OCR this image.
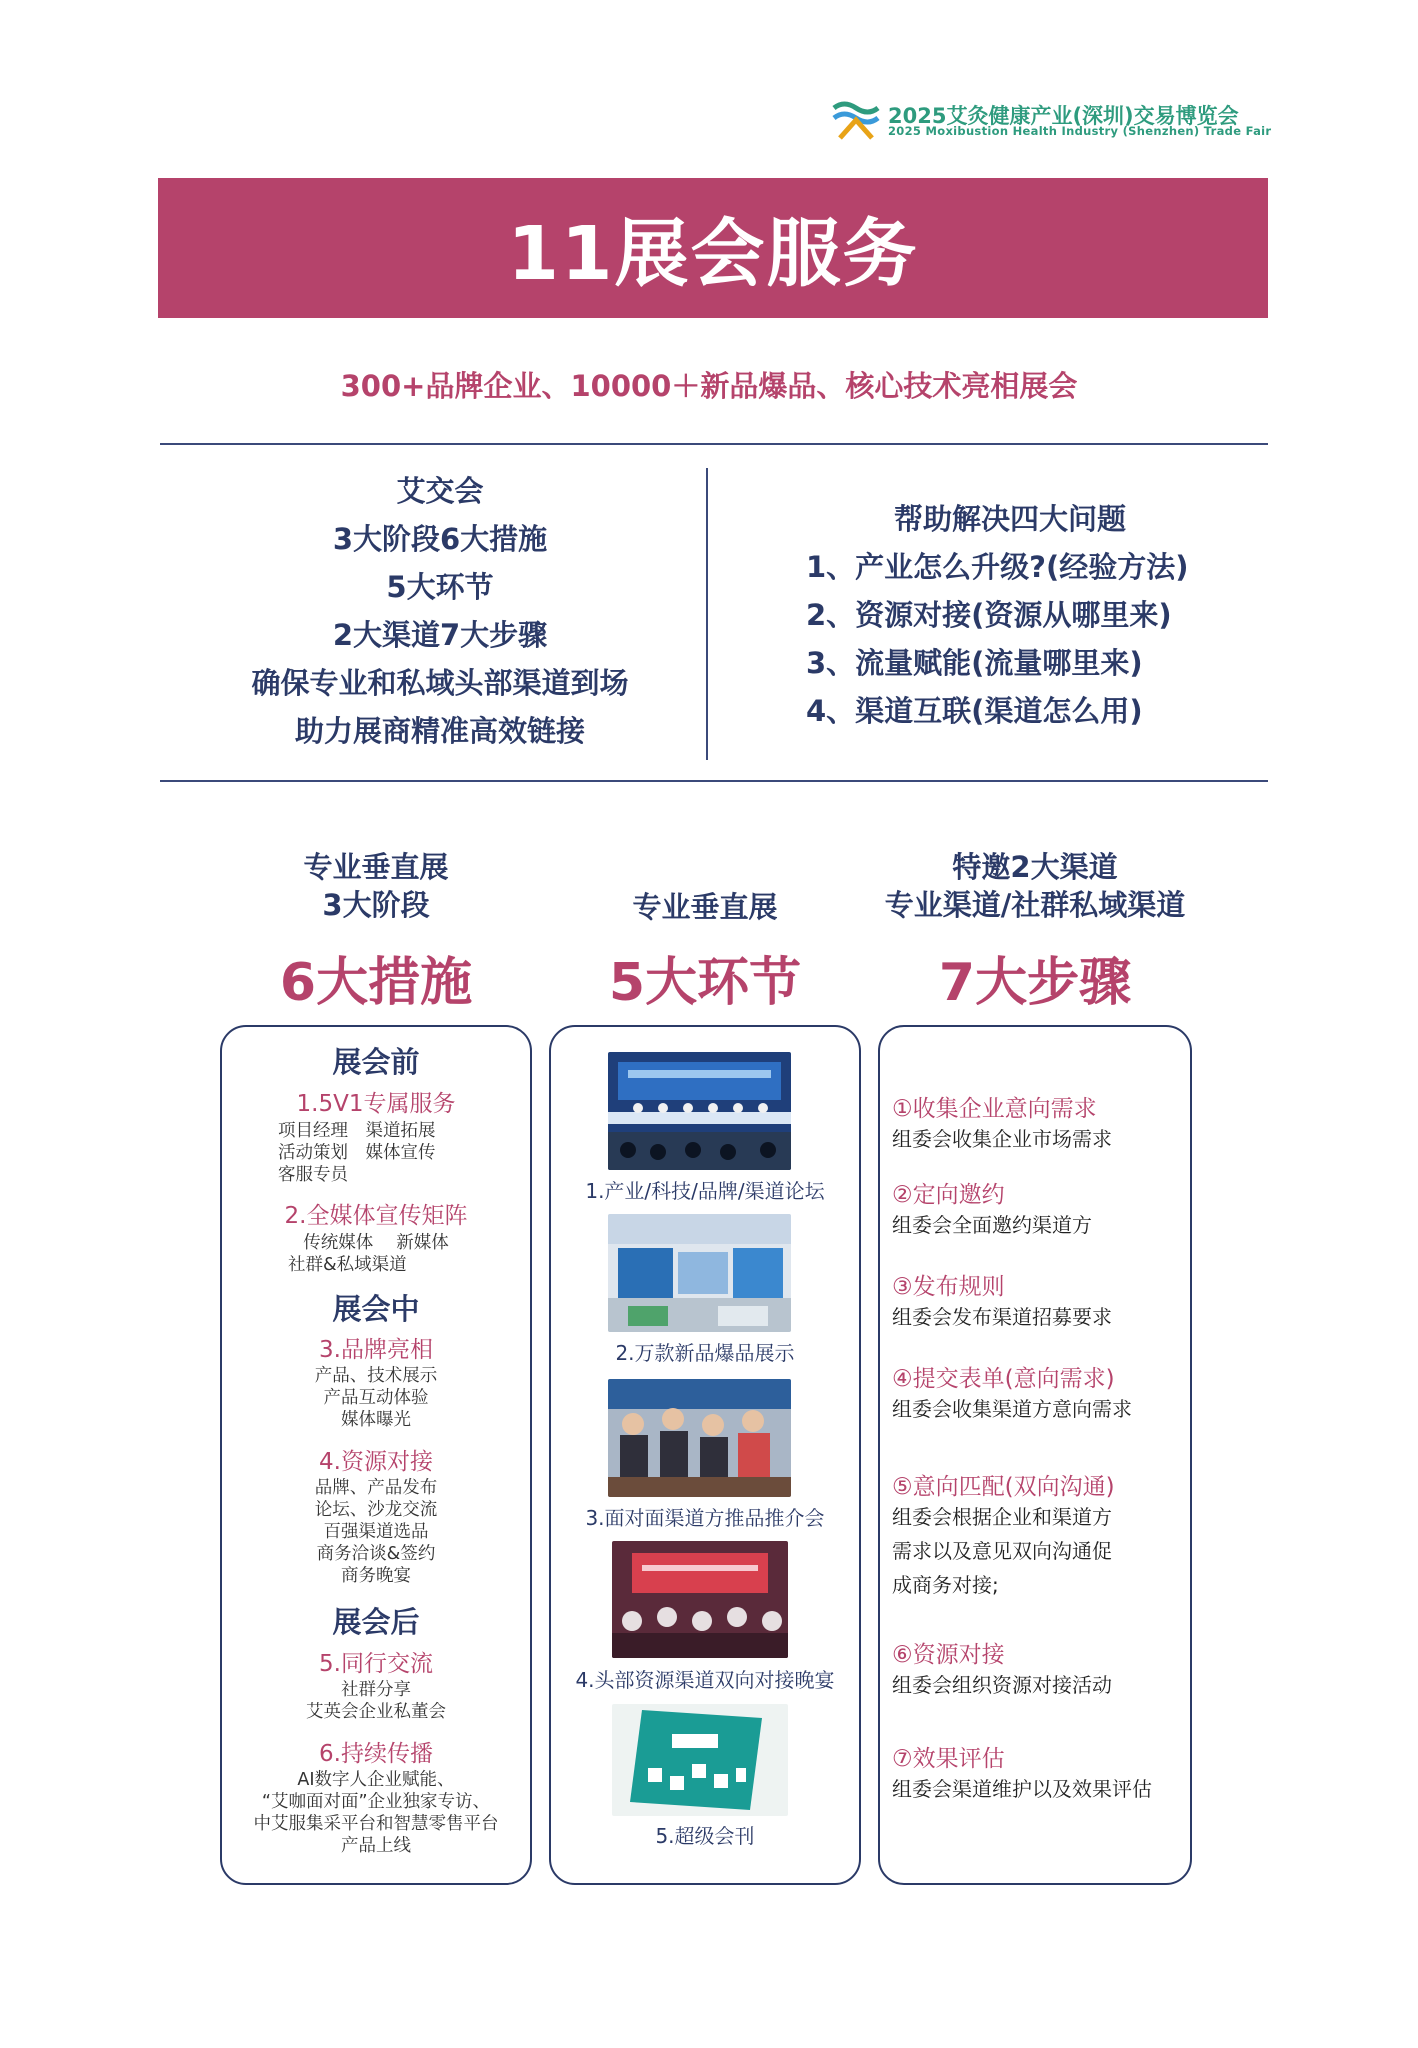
2025艾灸健康产业(深圳)交易博览会
2025 Moxibustion Health Industry (Shenzhen) Trade Fair
11展会服务
300+品牌企业、10000＋新品爆品、核心技术亮相展会
艾交会
3大阶段6大措施
5大环节
2大渠道7大步骤
确保专业和私域头部渠道到场
助力展商精准高效链接
帮助解决四大问题
1、产业怎么升级?(经验方法)
2、资源对接(资源从哪里来)
3、流量赋能(流量哪里来)
4、渠道互联(渠道怎么用)
专业垂直展
3大阶段
6大措施
专业垂直展
5大环节
特邀2大渠道
专业渠道/社群私域渠道
7大步骤
展会前
1.5V1专属服务
项目经理　渠道拓展
活动策划　媒体宣传
客服专员
2.全媒体宣传矩阵
传统媒体　 新媒体
社群&私域渠道
展会中
3.品牌亮相
产品、技术展示
产品互动体验
媒体曝光
4.资源对接
品牌、产品发布
论坛、沙龙交流
百强渠道选品
商务洽谈&签约
商务晚宴
展会后
5.同行交流
社群分享
艾英会企业私董会
6.持续传播
AI数字人企业赋能、
“艾咖面对面”企业独家专访、
中艾服集采平台和智慧零售平台
产品上线
1.产业/科技/品牌/渠道论坛
2.万款新品爆品展示
3.面对面渠道方推品推介会
4.头部资源渠道双向对接晚宴
5.超级会刊
①收集企业意向需求
组委会收集企业市场需求
②定向邀约
组委会全面邀约渠道方
③发布规则
组委会发布渠道招募要求
④提交表单(意向需求)
组委会收集渠道方意向需求
⑤意向匹配(双向沟通)
组委会根据企业和渠道方
需求以及意见双向沟通促
成商务对接;
⑥资源对接
组委会组织资源对接活动
⑦效果评估
组委会渠道维护以及效果评估
